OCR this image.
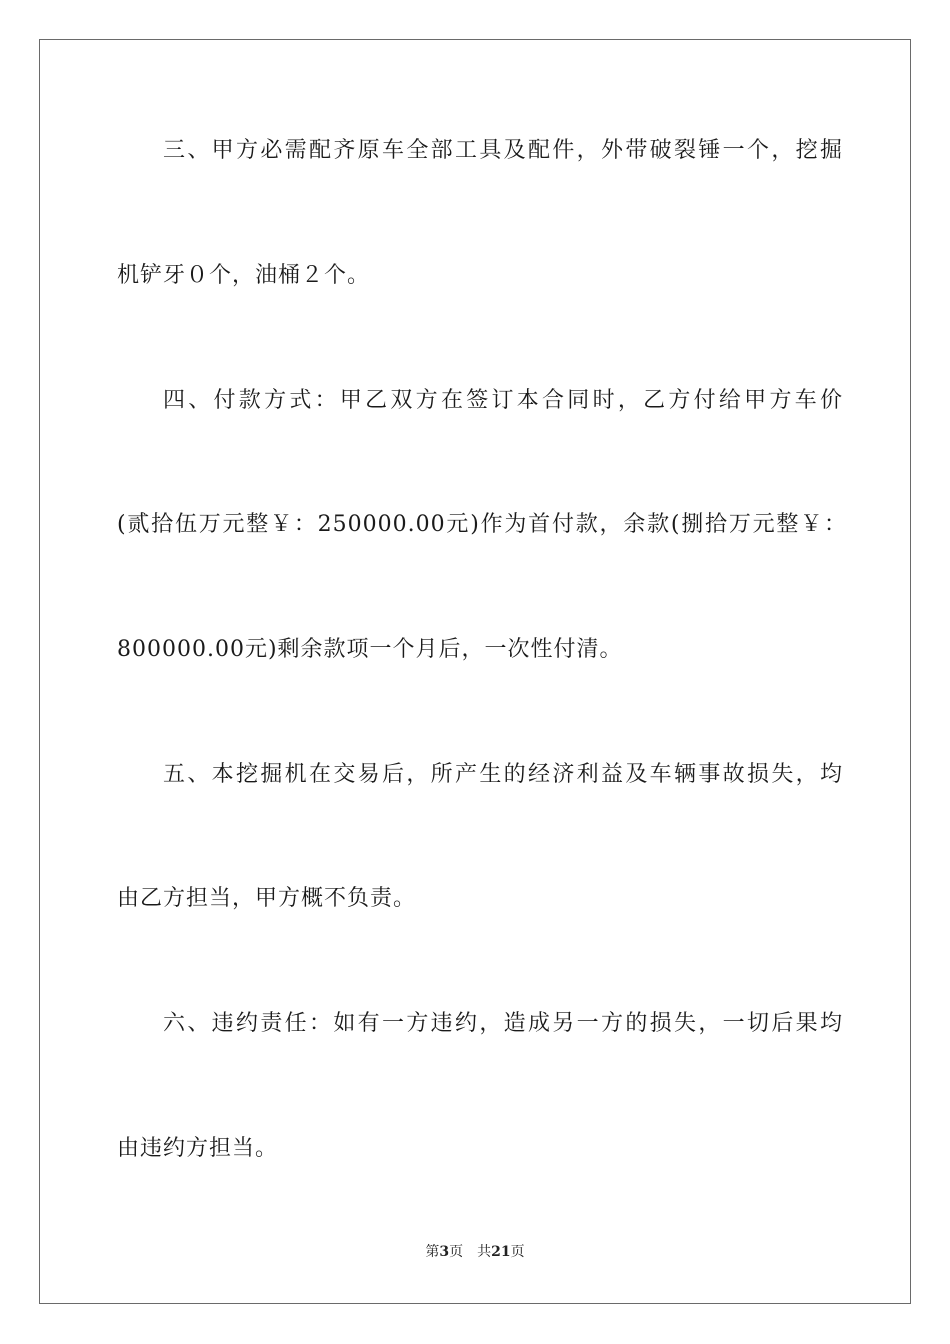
三、甲方必需配齐原车全部工具及配件，外带破裂锤一个，挖掘
机铲牙０个，油桶２个。
四、付款方式：甲乙双方在签订本合同时，乙方付给甲方车价
(贰拾伍万元整￥：250000.00元)作为首付款，余款(捌拾万元整￥：
800000.00元)剩余款项一个月后，一次性付清。
五、本挖掘机在交易后，所产生的经济利益及车辆事故损失，均
由乙方担当，甲方概不负责。
六、违约责任：如有一方违约，造成另一方的损失，一切后果均
由违约方担当。
第3页 共21页
